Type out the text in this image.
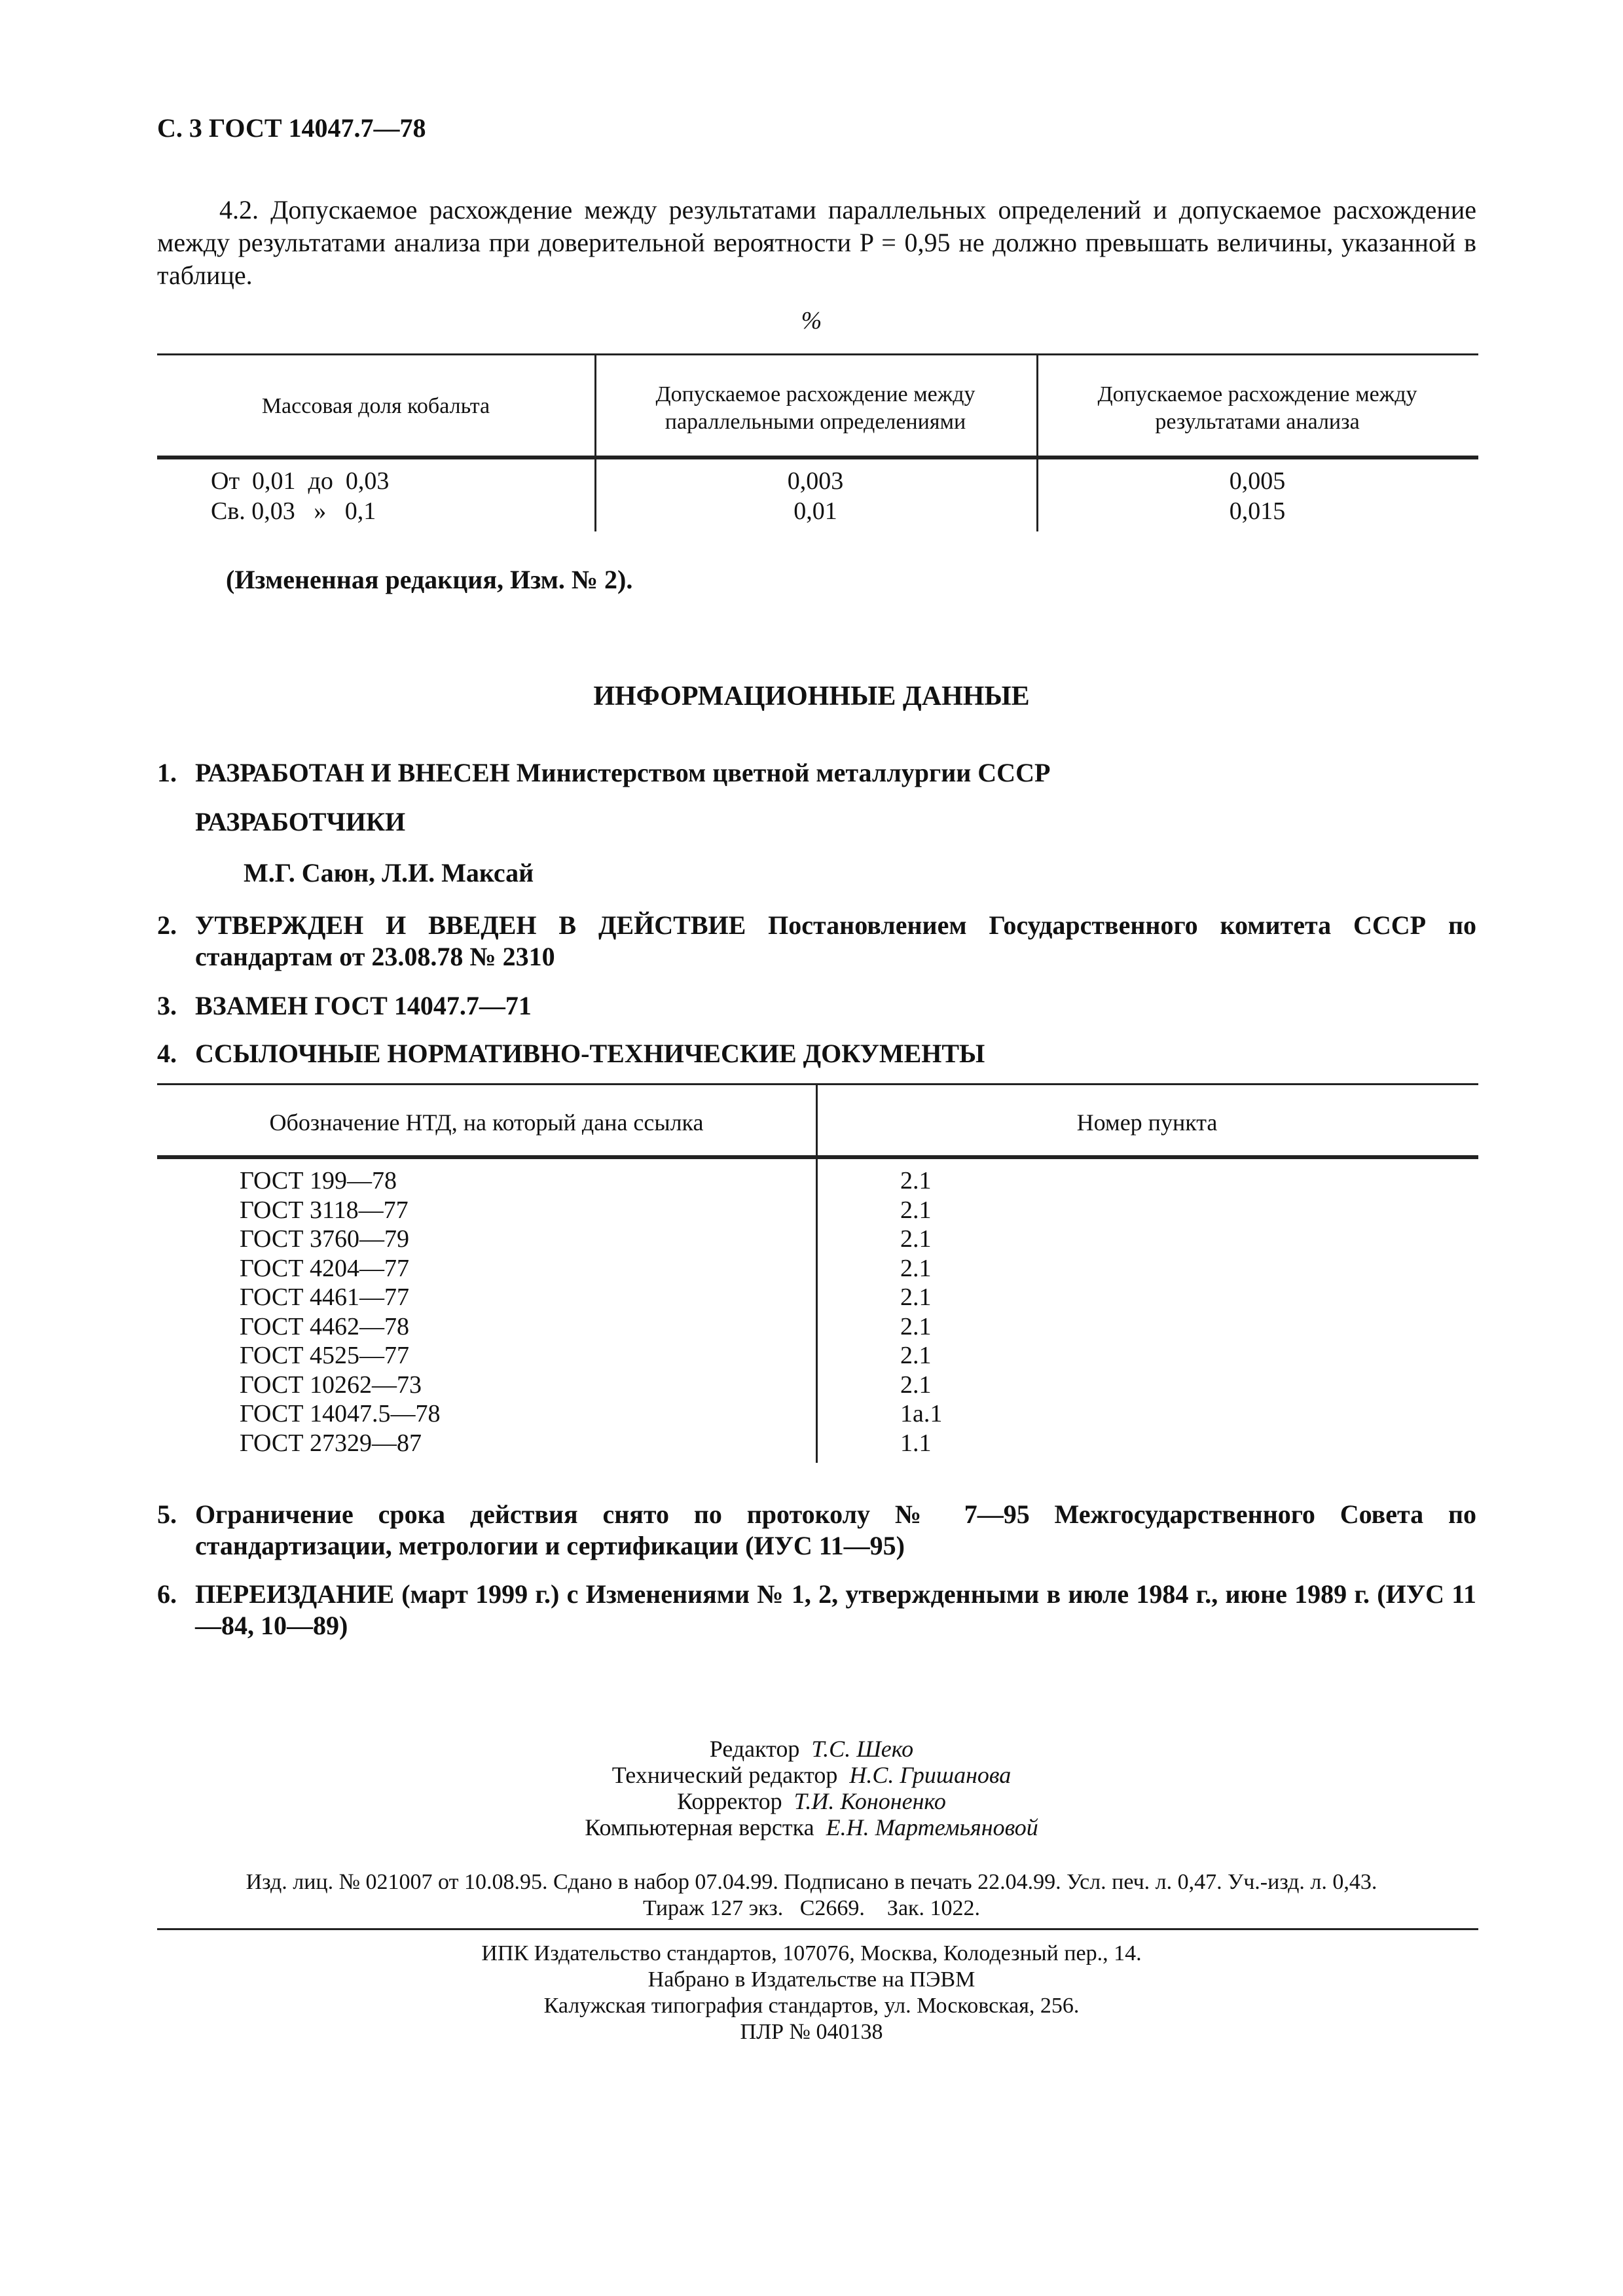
С. 3 ГОСТ 14047.7—78
4.2. Допускаемое расхождение между результатами параллельных определений и допускаемое расхождение между результатами анализа при доверительной вероятности P = 0,95 не должно превышать величины, указанной в таблице.
%
Массовая доля кобальта	Допускаемое расхождение между параллельными определениями
Допускаемое расхождение между результатами анализа
От  0,01  до  0,03
Св. 0,03   »   0,1
0,003
0,01
0,005
0,015
(Измененная редакция, Изм. № 2).
ИНФОРМАЦИОННЫЕ ДАННЫЕ
1. РАЗРАБОТАН И ВНЕСЕН Министерством цветной металлургии СССР
РАЗРАБОТЧИКИ
М.Г. Саюн, Л.И. Максай
2. УТВЕРЖДЕН И ВВЕДЕН В ДЕЙСТВИЕ Постановлением Государственного комитета СССР по стандартам от 23.08.78 № 2310
3. ВЗАМЕН ГОСТ 14047.7—71
4. ССЫЛОЧНЫЕ НОРМАТИВНО-ТЕХНИЧЕСКИЕ ДОКУМЕНТЫ
Обозначение НТД, на который дана ссылка	Номер пункта
ГОСТ 199—78
ГОСТ 3118—77
ГОСТ 3760—79
ГОСТ 4204—77
ГОСТ 4461—77
ГОСТ 4462—78
ГОСТ 4525—77
ГОСТ 10262—73
ГОСТ 14047.5—78
ГОСТ 27329—87
2.1
2.1
2.1
2.1
2.1
2.1
2.1
2.1
1а.1
1.1
5. Ограничение срока действия снято по протоколу № 7—95 Межгосударственного Совета по стандартизации, метрологии и сертификации (ИУС 11—95)
6. ПЕРЕИЗДАНИЕ (март 1999 г.) с Изменениями № 1, 2, утвержденными в июле 1984 г., июне 1989 г. (ИУС 11—84, 10—89)
Редактор Т.С. Шеко
Технический редактор Н.С. Гришанова
Корректор Т.И. Кононенко
Компьютерная верстка Е.Н. Мартемьяновой
Изд. лиц. № 021007 от 10.08.95. Сдано в набор 07.04.99. Подписано в печать 22.04.99. Усл. печ. л. 0,47. Уч.-изд. л. 0,43.
Тираж 127 экз.   С2669.    Зак. 1022.
ИПК Издательство стандартов, 107076, Москва, Колодезный пер., 14.
Набрано в Издательстве на ПЭВМ
Калужская типография стандартов, ул. Московская, 256.
ПЛР № 040138
